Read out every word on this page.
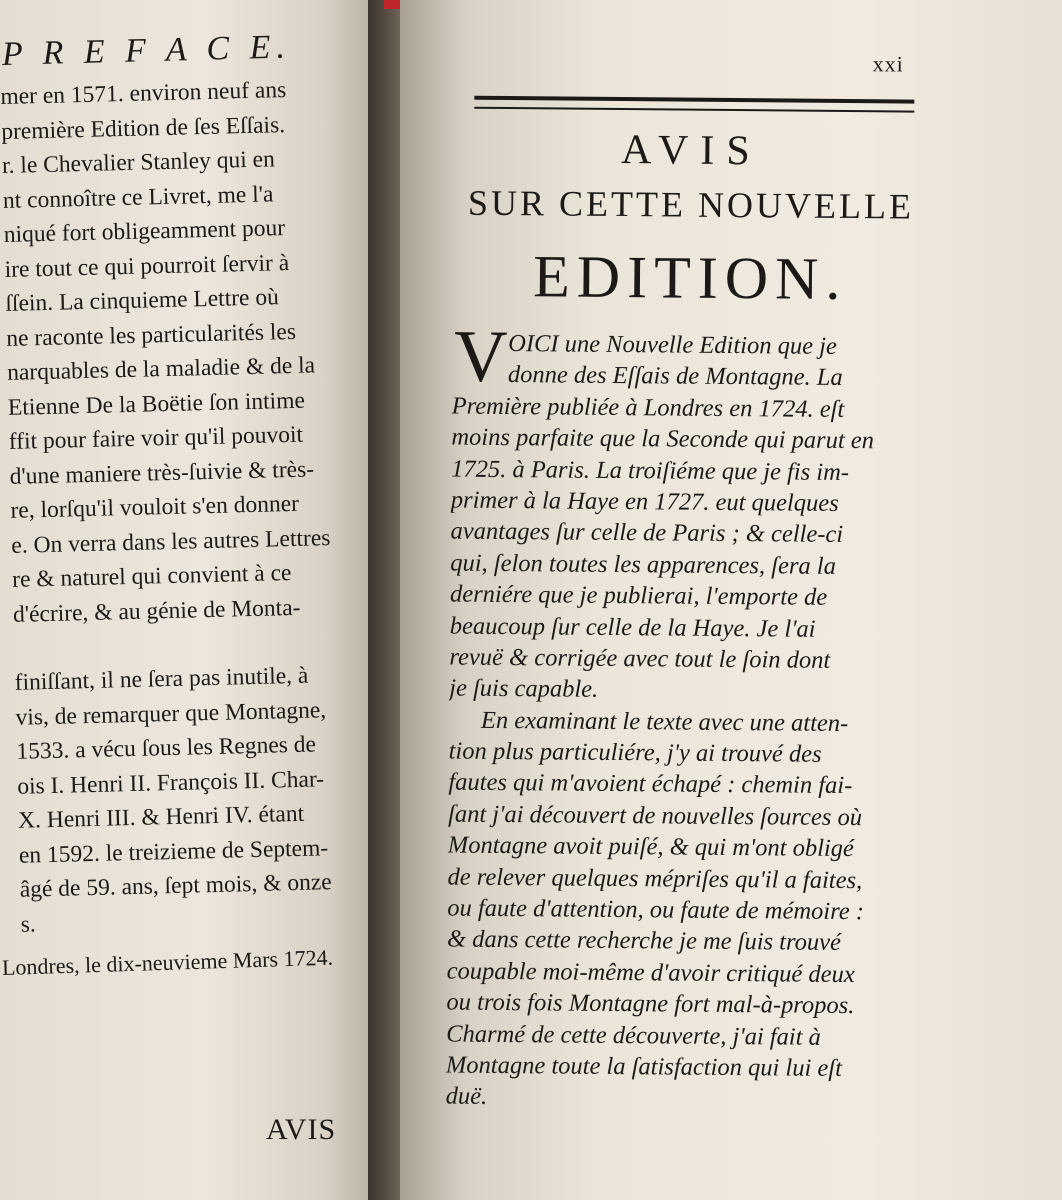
P R E F A C E.
mer en 1571. environ neuf ans
première Edition de ſes Eſſais.
r. le Chevalier Stanley qui en
nt connoître ce Livret, me l'a
niqué fort obligeamment pour
ire tout ce qui pourroit ſervir à
ſſein. La cinquieme Lettre où
ne raconte les particularités les
narquables de la maladie & de la
Etienne De la Boëtie ſon intime
ffit pour faire voir qu'il pouvoit
d'une maniere très-ſuivie & très-
re, lorſqu'il vouloit s'en donner
e. On verra dans les autres Lettres
re & naturel qui convient à ce
d'écrire, & au génie de Monta-
finiſſant, il ne ſera pas inutile, à
vis, de remarquer que Montagne,
1533. a vécu ſous les Regnes de
ois I. Henri II. François II. Char-
X. Henri III. & Henri IV. étant
en 1592. le treizieme de Septem-
âgé de 59. ans, ſept mois, & onze
s.
Londres, le dix-neuvieme Mars 1724.
AVIS
xxi
AVIS
SUR CETTE NOUVELLE
EDITION.
V OICI une Nouvelle Edition que je
donne des Eſſais de Montagne. La
Première publiée à Londres en 1724. eſt
moins parfaite que la Seconde qui parut en
1725. à Paris. La troiſiéme que je fis im-
primer à la Haye en 1727. eut quelques
avantages ſur celle de Paris ; & celle-ci
qui, ſelon toutes les apparences, ſera la
derniére que je publierai, l'emporte de
beaucoup ſur celle de la Haye. Je l'ai
revuë & corrigée avec tout le ſoin dont
je ſuis capable.
En examinant le texte avec une atten-
tion plus particuliére, j'y ai trouvé des
fautes qui m'avoient échapé : chemin fai-
ſant j'ai découvert de nouvelles ſources où
Montagne avoit puiſé, & qui m'ont obligé
de relever quelques mépriſes qu'il a faites,
ou faute d'attention, ou faute de mémoire :
& dans cette recherche je me ſuis trouvé
coupable moi-même d'avoir critiqué deux
ou trois fois Montagne fort mal-à-propos.
Charmé de cette découverte, j'ai fait à
Montagne toute la ſatisfaction qui lui eſt
duë.
